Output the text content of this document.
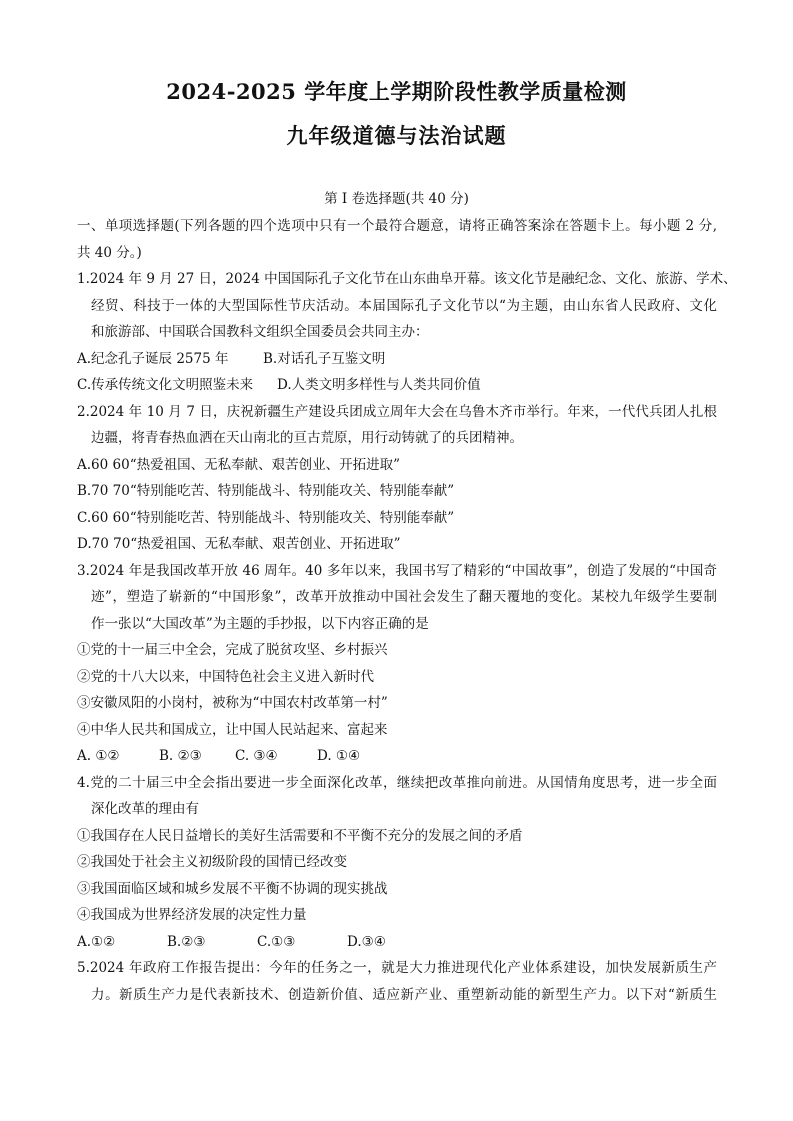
2024-2025 学年度上学期阶段性教学质量检测
九年级道德与法治试题
第 I 卷选择题(共 40 分)
一、单项选择题(下列各题的四个选项中只有一个最符合题意，请将正确答案涂在答题卡上。每小题 2 分,
共 40 分。)
1.2024 年 9 月 27 日，2024 中国国际孔子文化节在山东曲阜开幕。该文化节是融纪念、文化、旅游、学术、
经贸、科技于一体的大型国际性节庆活动。本届国际孔子文化节以“为主题，由山东省人民政府、文化
和旅游部、中国联合国教科文组织全国委员会共同主办：
A.纪念孔子诞辰 2575 年	B.对话孔子互鉴文明
C.传承传统文化文明照鉴未来 D.人类文明多样性与人类共同价值
2.2024 年 10 月 7 日，庆祝新疆生产建设兵团成立周年大会在乌鲁木齐市举行。年来，一代代兵团人扎根
边疆，将青春热血洒在天山南北的亘古荒原，用行动铸就了的兵团精神。
A.60 60“热爱祖国、无私奉献、艰苦创业、开拓进取”
B.70 70“特别能吃苦、特别能战斗、特别能攻关、特别能奉献”
C.60 60“特别能吃苦、特别能战斗、特别能攻关、特别能奉献”
D.70 70“热爱祖国、无私奉献、艰苦创业、开拓进取”
3.2024 年是我国改革开放 46 周年。40 多年以来，我国书写了精彩的“中国故事”，创造了发展的“中国奇
迹”，塑造了崭新的“中国形象”，改革开放推动中国社会发生了翻天覆地的变化。某校九年级学生要制
作一张以“大国改革”为主题的手抄报，以下内容正确的是
①党的十一届三中全会，完成了脱贫攻坚、乡村振兴
②党的十八大以来，中国特色社会主义进入新时代
③安徽凤阳的小岗村，被称为“中国农村改革第一村”
④中华人民共和国成立，让中国人民站起来、富起来
A. ①②	B. ②③ C. ③④	D. ①④
4.党的二十届三中全会指出要进一步全面深化改革，继续把改革推向前进。从国情角度思考，进一步全面
深化改革的理由有
①我国存在人民日益增长的美好生活需要和不平衡不充分的发展之间的矛盾
②我国处于社会主义初级阶段的国情已经改变
③我国面临区域和城乡发展不平衡不协调的现实挑战
④我国成为世界经济发展的决定性力量
A.①②	B.②③	C.①③	D.③④
5.2024 年政府工作报告提出：今年的任务之一，就是大力推进现代化产业体系建设，加快发展新质生产
力。新质生产力是代表新技术、创造新价值、适应新产业、重塑新动能的新型生产力。以下对“新质生
